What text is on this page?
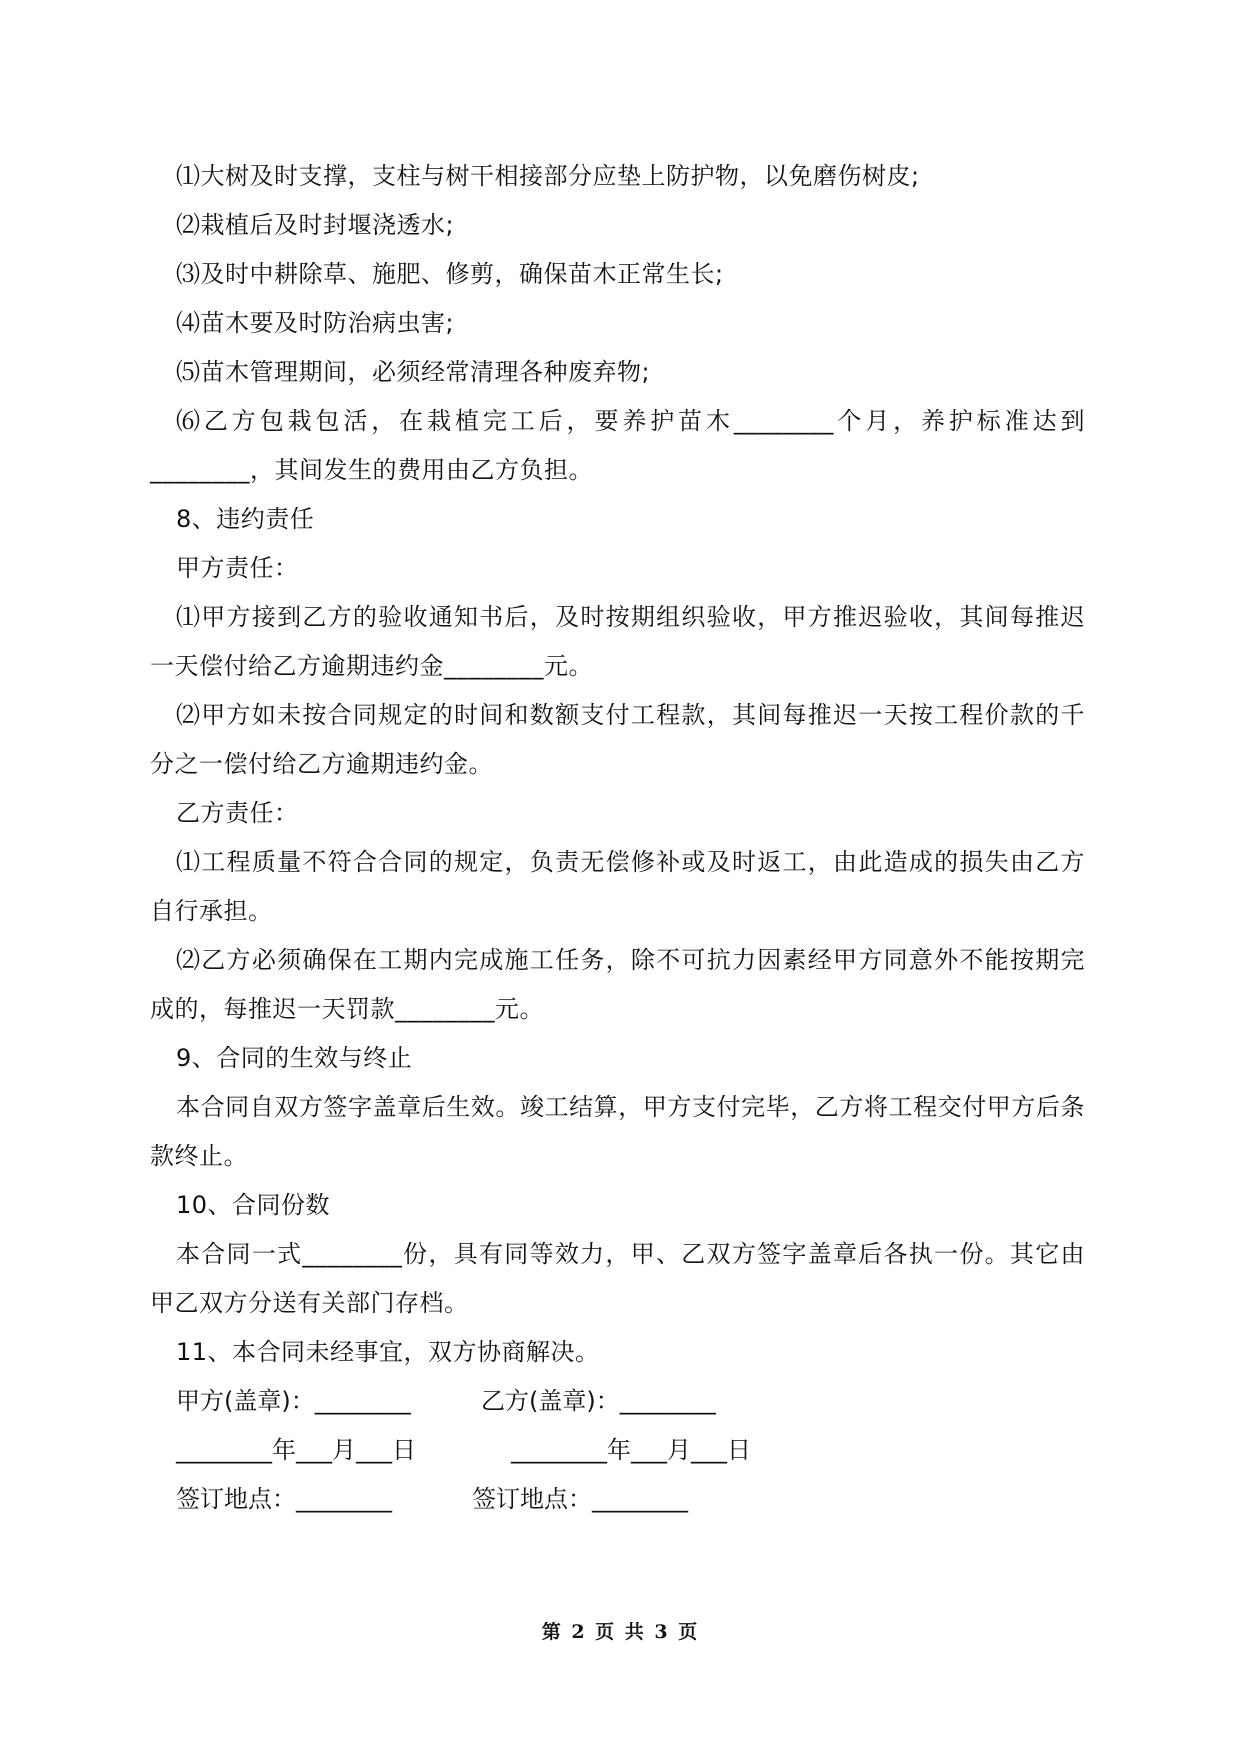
⑴大树及时支撑，支柱与树干相接部分应垫上防护物，以免磨伤树皮;
⑵栽植后及时封堰浇透水;
⑶及时中耕除草、施肥、修剪，确保苗木正常生长;
⑷苗木要及时防治病虫害;
⑸苗木管理期间，必须经常清理各种废弃物;
⑹乙方包栽包活，在栽植完工后，要养护苗木________个月，养护标准达到
________，其间发生的费用由乙方负担。
8、违约责任
甲方责任：
⑴甲方接到乙方的验收通知书后，及时按期组织验收，甲方推迟验收，其间每推迟
一天偿付给乙方逾期违约金________元。
⑵甲方如未按合同规定的时间和数额支付工程款，其间每推迟一天按工程价款的千
分之一偿付给乙方逾期违约金。
乙方责任：
⑴工程质量不符合合同的规定，负责无偿修补或及时返工，由此造成的损失由乙方
自行承担。
⑵乙方必须确保在工期内完成施工任务，除不可抗力因素经甲方同意外不能按期完
成的，每推迟一天罚款________元。
9、合同的生效与终止
本合同自双方签字盖章后生效。竣工结算，甲方支付完毕，乙方将工程交付甲方后条
款终止。
10、合同份数
本合同一式________份，具有同等效力，甲、乙双方签字盖章后各执一份。其它由
甲乙双方分送有关部门存档。
11、本合同未经事宜，双方协商解决。
甲方(盖章)：________	乙方(盖章)：________
________年___月___日	________年___月___日
签订地点：________	签订地点：________
第 2 页 共 3 页
